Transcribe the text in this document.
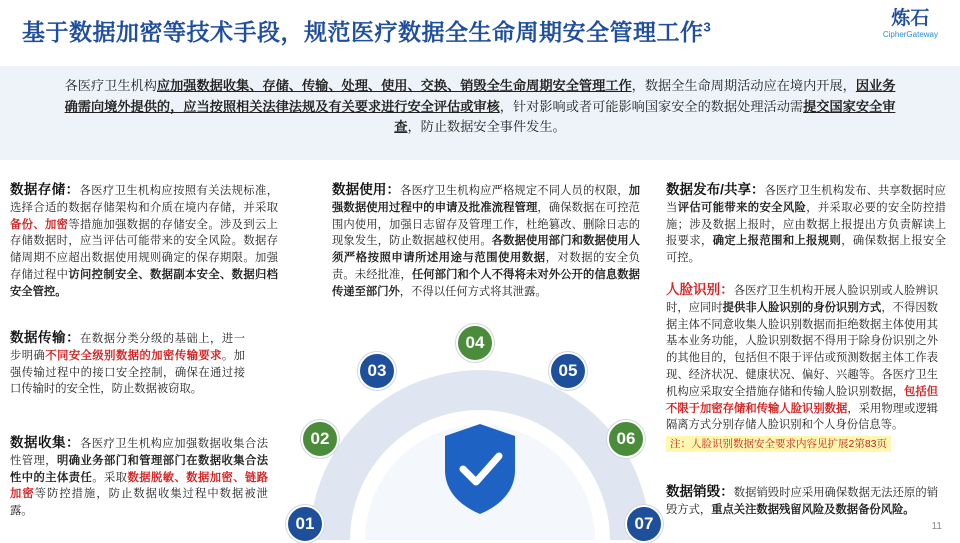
基于数据加密等技术手段，规范医疗数据全生命周期安全管理工作$^3$	炼石
CipherGateway

各医疗卫生机构应加强数据收集、存储、传输、处理、使用、交换、销毁全生命周期安全管理工作，数据全生命周期活动应在境内开展，因业务确需向境外提供的，应当按照相关法律法规及有关要求进行安全评估或审核，针对影响或者可能影响国家安全的数据处理活动需提交国家安全审查，防止数据安全事件发生。

01
02
03
04
05
06
07

数据存储：各医疗卫生机构应按照有关法规标准，选择合适的数据存储架构和介质在境内存储，并采取备份、加密等措施加强数据的存储安全。涉及到云上存储数据时，应当评估可能带来的安全风险。数据存储周期不应超出数据使用规则确定的保存期限。加强存储过程中访问控制安全、数据副本安全、数据归档安全管控。

数据传输：在数据分类分级的基础上，进一步明确不同安全级别数据的加密传输要求。加强传输过程中的接口安全控制，确保在通过接口传输时的安全性，防止数据被窃取。

数据收集：各医疗卫生机构应加强数据收集合法性管理，明确业务部门和管理部门在数据收集合法性中的主体责任。采取数据脱敏、数据加密、链路加密等防控措施，防止数据收集过程中数据被泄露。

数据使用：各医疗卫生机构应严格规定不同人员的权限，加强数据使用过程中的申请及批准流程管理，确保数据在可控范围内使用，加强日志留存及管理工作，杜绝篡改、删除日志的现象发生，防止数据越权使用。各数据使用部门和数据使用人须严格按照申请所述用途与范围使用数据，对数据的安全负责。未经批准，任何部门和个人不得将未对外公开的信息数据传递至部门外，不得以任何方式将其泄露。

数据发布/共享：各医疗卫生机构发布、共享数据时应当评估可能带来的安全风险，并采取必要的安全防控措施；涉及数据上报时，应由数据上报提出方负责解读上报要求，确定上报范围和上报规则，确保数据上报安全可控。

人脸识别：各医疗卫生机构开展人脸识别或人脸辨识时，应同时提供非人脸识别的身份识别方式，不得因数据主体不同意收集人脸识别数据而拒绝数据主体使用其基本业务功能，人脸识别数据不得用于除身份识别之外的其他目的，包括但不限于评估或预测数据主体工作表现、经济状况、健康状况、偏好、兴趣等。各医疗卫生机构应采取安全措施存储和传输人脸识别数据，包括但不限于加密存储和传输人脸识别数据，采用物理或逻辑隔离方式分别存储人脸识别和个人身份信息等。

注：人脸识别数据安全要求内容见扩展2第83页

数据销毁：数据销毁时应采用确保数据无法还原的销毁方式，重点关注数据残留风险及数据备份风险。

11
